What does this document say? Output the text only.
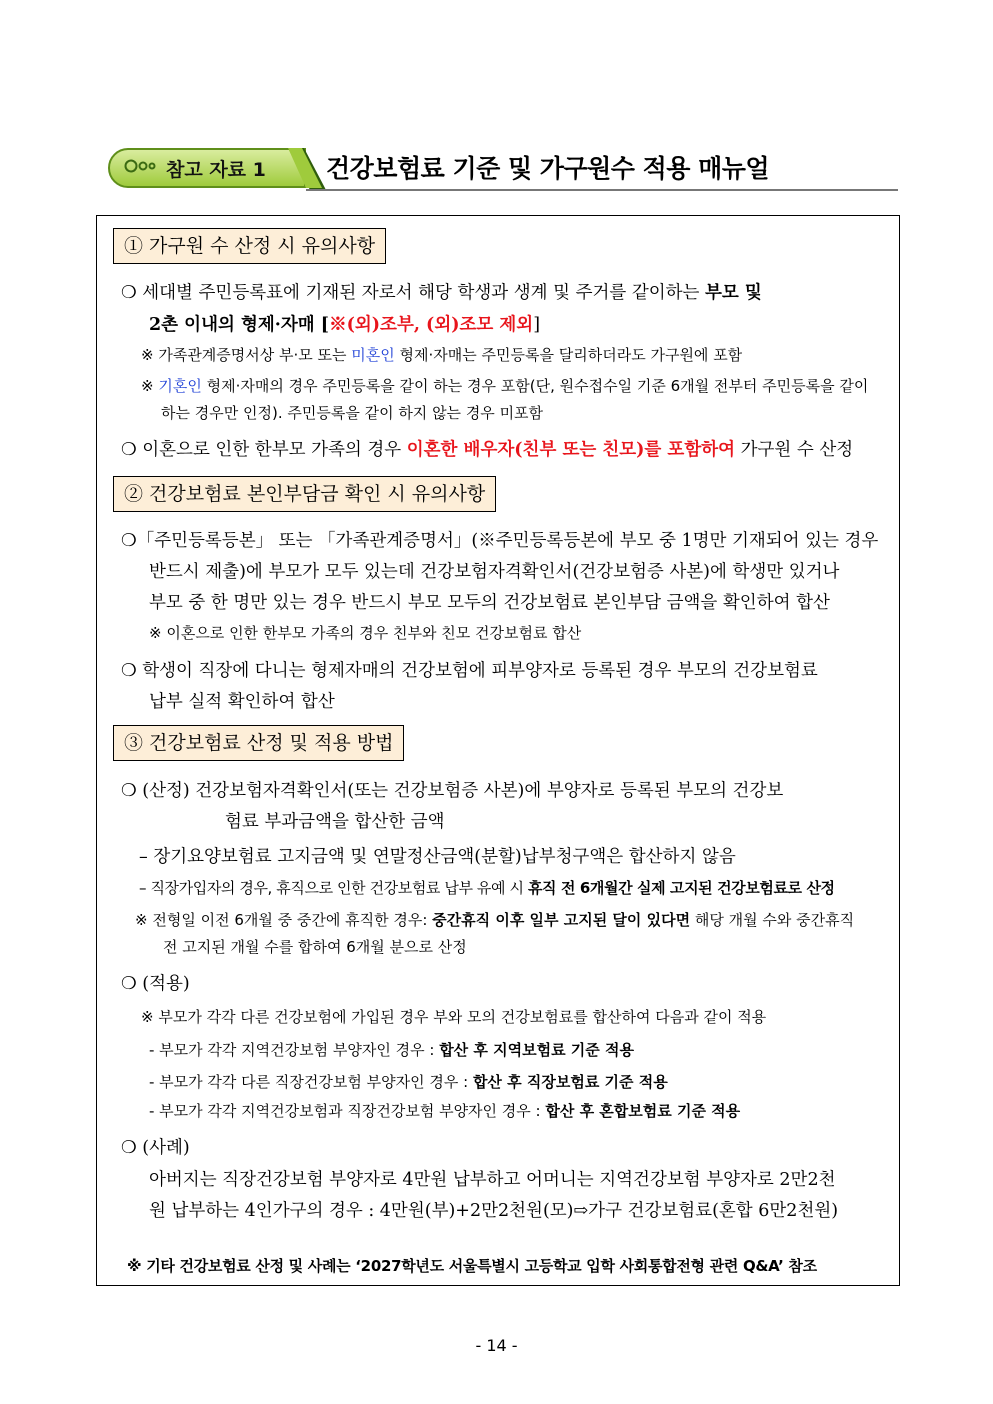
참고 자료 1 건강보험료 기준 및 가구원수 적용 매뉴얼
① 가구원 수 산정 시 유의사항
❍ 세대별 주민등록표에 기재된 자로서 해당 학생과 생계 및 주거를 같이하는 부모 및
2촌 이내의 형제·자매 [※(외)조부, (외)조모 제외]
※ 가족관계증명서상 부·모 또는 미혼인 형제·자매는 주민등록을 달리하더라도 가구원에 포함
※ 기혼인 형제·자매의 경우 주민등록을 같이 하는 경우 포함(단, 원수접수일 기준 6개월 전부터 주민등록을 같이
하는 경우만 인정). 주민등록을 같이 하지 않는 경우 미포함
❍ 이혼으로 인한 한부모 가족의 경우 이혼한 배우자(친부 또는 친모)를 포함하여 가구원 수 산정
② 건강보험료 본인부담금 확인 시 유의사항
❍「주민등록등본」 또는 「가족관계증명서」(※주민등록등본에 부모 중 1명만 기재되어 있는 경우
반드시 제출)에 부모가 모두 있는데 건강보험자격확인서(건강보험증 사본)에 학생만 있거나
부모 중 한 명만 있는 경우 반드시 부모 모두의 건강보험료 본인부담 금액을 확인하여 합산
※ 이혼으로 인한 한부모 가족의 경우 친부와 친모 건강보험료 합산
❍ 학생이 직장에 다니는 형제자매의 건강보험에 피부양자로 등록된 경우 부모의 건강보험료
납부 실적 확인하여 합산
③ 건강보험료 산정 및 적용 방법
❍ (산정) 건강보험자격확인서(또는 건강보험증 사본)에 부양자로 등록된 부모의 건강보
험료 부과금액을 합산한 금액
– 장기요양보험료 고지금액 및 연말정산금액(분할)납부청구액은 합산하지 않음
– 직장가입자의 경우, 휴직으로 인한 건강보험료 납부 유예 시 휴직 전 6개월간 실제 고지된 건강보험료로 산정
※ 전형일 이전 6개월 중 중간에 휴직한 경우: 중간휴직 이후 일부 고지된 달이 있다면 해당 개월 수와 중간휴직
전 고지된 개월 수를 합하여 6개월 분으로 산정
❍ (적용)
※ 부모가 각각 다른 건강보험에 가입된 경우 부와 모의 건강보험료를 합산하여 다음과 같이 적용
- 부모가 각각 지역건강보험 부양자인 경우 : 합산 후 지역보험료 기준 적용
- 부모가 각각 다른 직장건강보험 부양자인 경우 : 합산 후 직장보험료 기준 적용
- 부모가 각각 지역건강보험과 직장건강보험 부양자인 경우 : 합산 후 혼합보험료 기준 적용
❍ (사례)
아버지는 직장건강보험 부양자로 4만원 납부하고 어머니는 지역건강보험 부양자로 2만2천
원 납부하는 4인가구의 경우 : 4만원(부)+2만2천원(모)⇨가구 건강보험료(혼합 6만2천원)
※ 기타 건강보험료 산정 및 사례는 ‘2027학년도 서울특별시 고등학교 입학 사회통합전형 관련 Q&A’ 참조
- 14 -
